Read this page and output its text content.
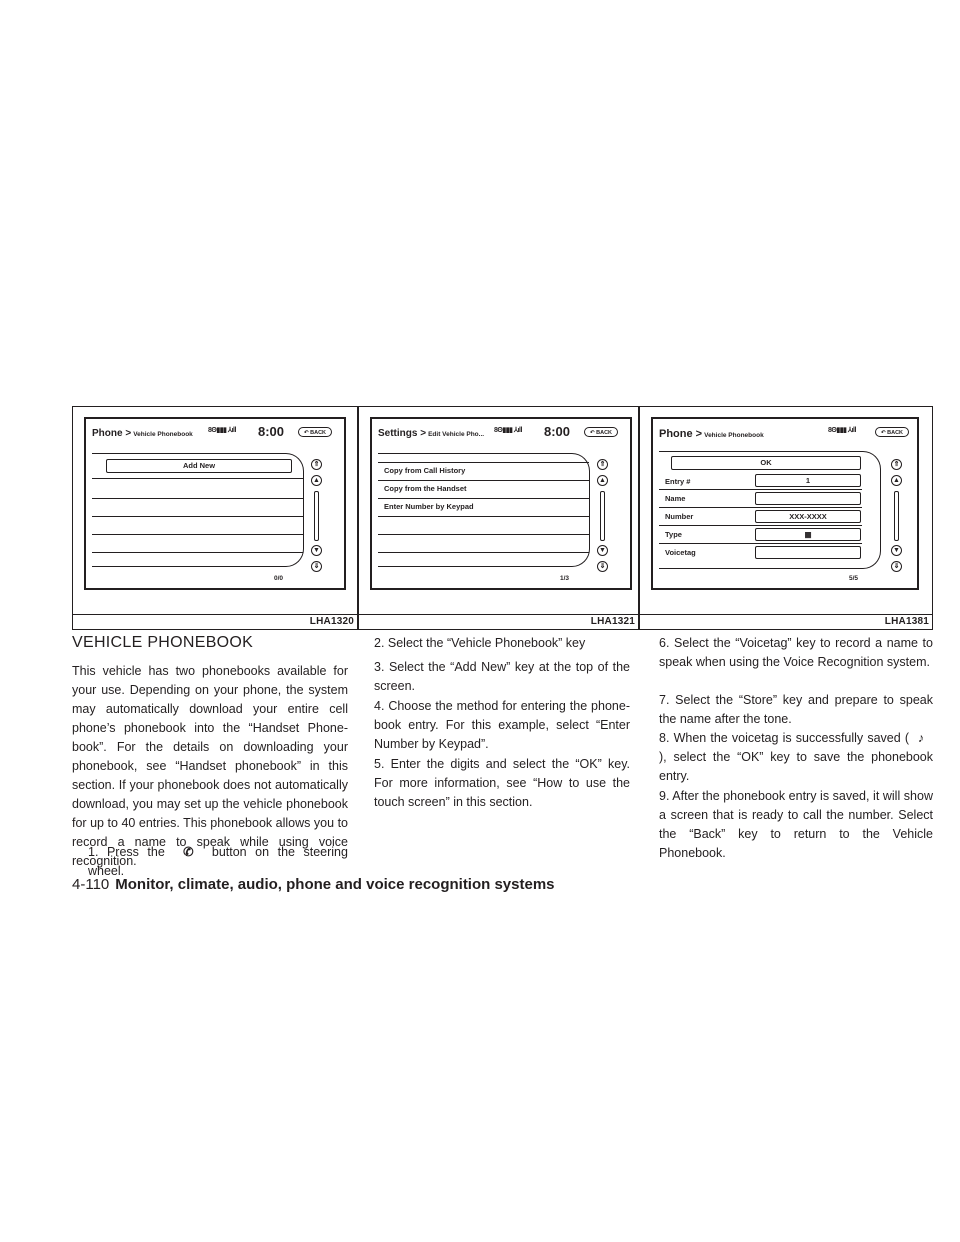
Phone > Vehicle Phonebook
8ʘ▮▮▮ ⅄ıll 8:00	↶ BACK
Add New	⇑
▲
▼
⇓
0/0
LHA1320
Settings > Edit Vehicle Pho...
8ʘ▮▮▮ ⅄ıll 8:00	↶ BACK
Copy from Call History
Copy from the Handset
Enter Number by Keypad
⇑
▲
▼
⇓
1/3
LHA1321
Phone > Vehicle Phonebook
8ʘ▮▮▮ ⅄ıll	↶ BACK
OK
Entry #	1
Name
Number	XXX-XXXX
Type	▦
Voicetag
⇑
▲
▼
⇓
5/5
LHA1381
VEHICLE PHONEBOOK
This vehicle has two phonebooks available for your use. Depending on your phone, the system may automatically download your entire cell phone’s phonebook into the “Handset Phonebook”. For the details on downloading your phonebook, see “Handset phonebook” in this section. If your phonebook does not automatically download, you may set up the vehicle phonebook for up to 40 entries. This phonebook allows you to record a name to speak while using voice recognition.
1. Press the ✆ button on the steering wheel.
2. Select the “Vehicle Phonebook” key
3. Select the “Add New” key at the top of the screen.
4. Choose the method for entering the phonebook entry. For this example, select “Enter Number by Keypad”.
5. Enter the digits and select the “OK” key. For more information, see “How to use the touch screen” in this section.
6. Select the “Voicetag” key to record a name to speak when using the Voice Recognition system.
7. Select the “Store” key and prepare to speak the name after the tone.
8. When the voicetag is successfully saved ( ♪), select the “OK” key to save the phonebook entry.
9. After the phonebook entry is saved, it will show a screen that is ready to call the number. Select the “Back” key to return to the Vehicle Phonebook.
4-110 Monitor, climate, audio, phone and voice recognition systems
